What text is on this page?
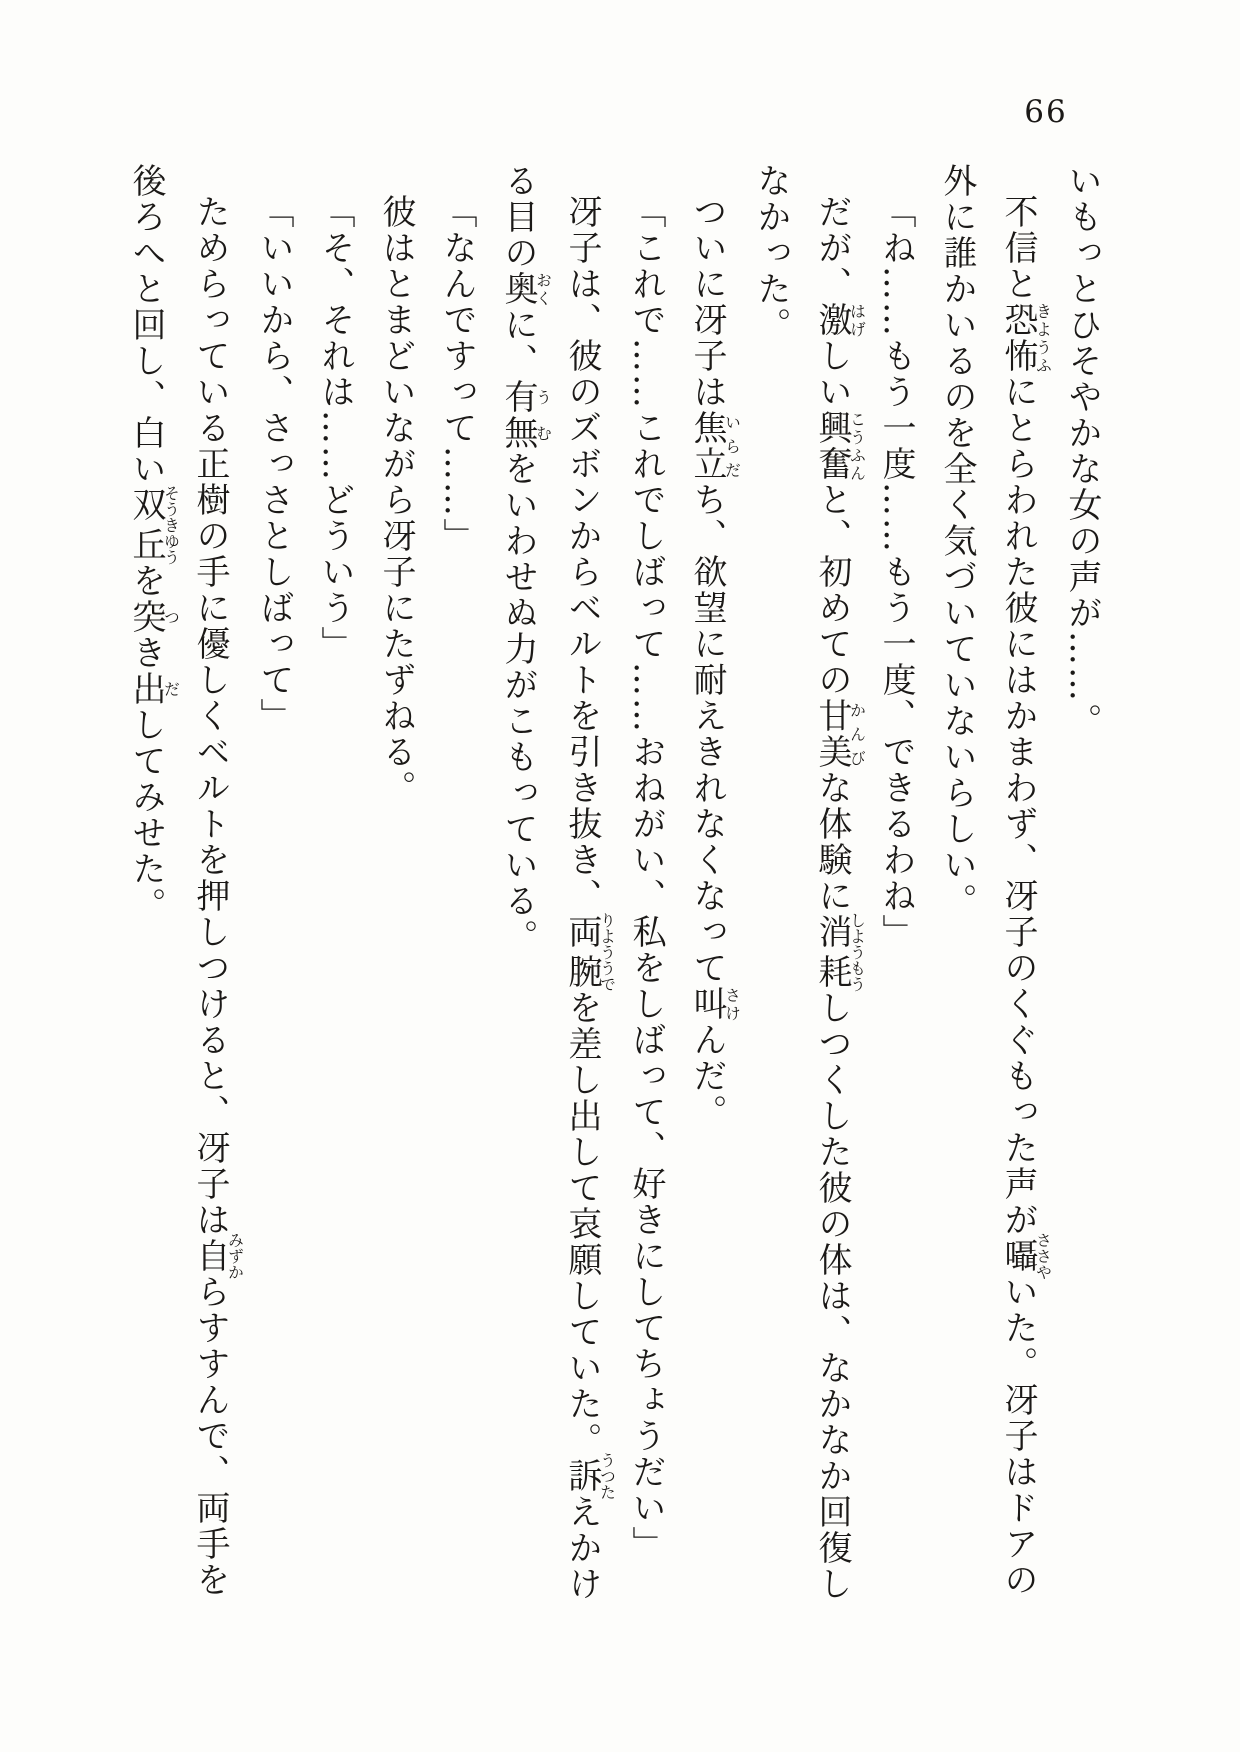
66
いもっとひそやかな女の声が……。
不信と恐怖きようふにとらわれた彼にはかまわず、冴子のくぐもった声が囁ささやいた。冴子はドアの
外に誰かいるのを全く気づいていないらしい。
「ね……もう一度……もう一度、できるわね」
だが、激はげしい興奮こうふんと、初めての甘美かんびな体験に消耗しようもうしつくした彼の体は、なかなか回復し
なかった。
ついに冴子は焦立いらだち、欲望に耐えきれなくなって叫さけんだ。
「これで……これでしばって……おねがい、私をしばって、好きにしてちょうだい」
冴子は、彼のズボンからベルトを引き抜き、両腕りよううでを差し出して哀願していた。訴うつたえかけ
る目の奥おくに、有無うむをいわせぬ力がこもっている。
「なんですって……」
彼はとまどいながら冴子にたずねる。
「そ、それは……どういう」
「いいから、さっさとしばって」
ためらっている正樹の手に優しくベルトを押しつけると、冴子は自みずからすすんで、両手を
後ろへと回し、白い双丘そうきゆうを突つき出だしてみせた。
